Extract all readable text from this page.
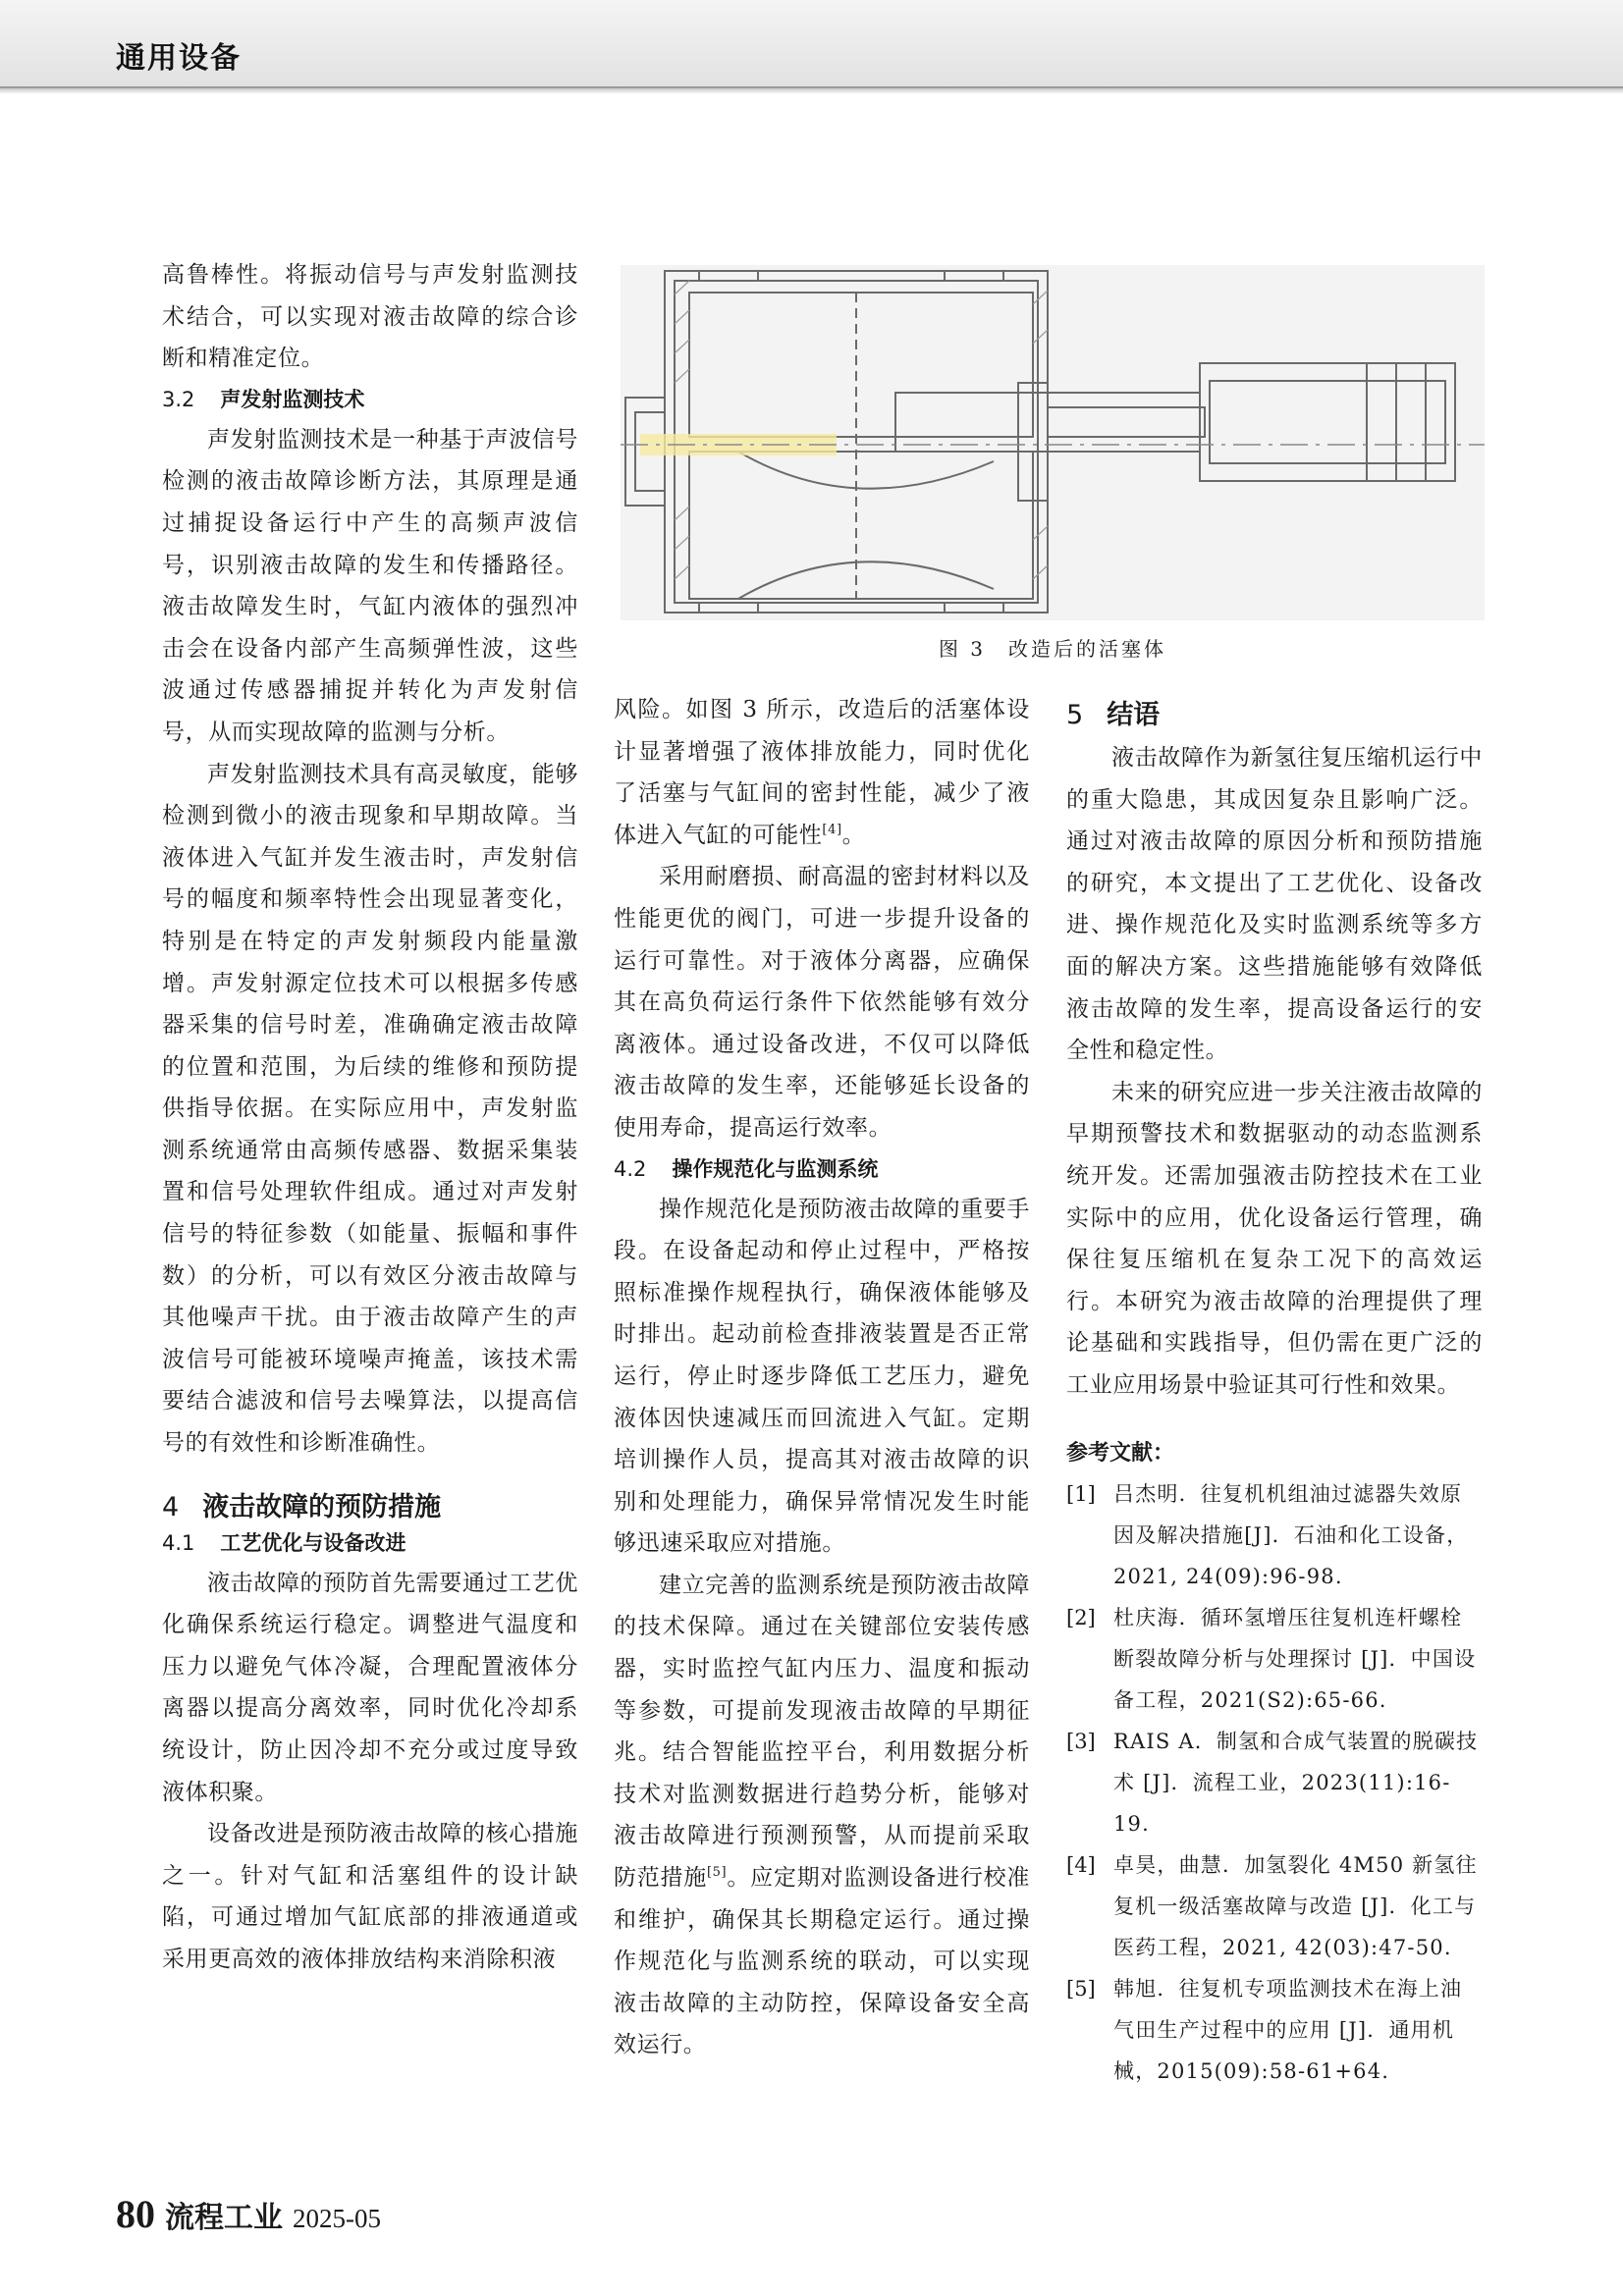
通用设备

高鲁棒性。将振动信号与声发射监测技术结合，可以实现对液击故障的综合诊断和精准定位。

3.2 声发射监测技术

声发射监测技术是一种基于声波信号检测的液击故障诊断方法，其原理是通过捕捉设备运行中产生的高频声波信号，识别液击故障的发生和传播路径。液击故障发生时，气缸内液体的强烈冲击会在设备内部产生高频弹性波，这些波通过传感器捕捉并转化为声发射信号，从而实现故障的监测与分析。

声发射监测技术具有高灵敏度，能够检测到微小的液击现象和早期故障。当液体进入气缸并发生液击时，声发射信号的幅度和频率特性会出现显著变化，特别是在特定的声发射频段内能量激增。声发射源定位技术可以根据多传感器采集的信号时差，准确确定液击故障的位置和范围，为后续的维修和预防提供指导依据。在实际应用中，声发射监测系统通常由高频传感器、数据采集装置和信号处理软件组成。通过对声发射信号的特征参数（如能量、振幅和事件数）的分析，可以有效区分液击故障与其他噪声干扰。由于液击故障产生的声波信号可能被环境噪声掩盖，该技术需要结合滤波和信号去噪算法，以提高信号的有效性和诊断准确性。

4 液击故障的预防措施
4.1 工艺优化与设备改进

液击故障的预防首先需要通过工艺优化确保系统运行稳定。调整进气温度和压力以避免气体冷凝，合理配置液体分离器以提高分离效率，同时优化冷却系统设计，防止因冷却不充分或过度导致液体积聚。

设备改进是预防液击故障的核心措施之一。针对气缸和活塞组件的设计缺陷，可通过增加气缸底部的排液通道或采用更高效的液体排放结构来消除积液

图 3　改造后的活塞体

风险。如图 3 所示，改造后的活塞体设计显著增强了液体排放能力，同时优化了活塞与气缸间的密封性能，减少了液体进入气缸的可能性[4]。

采用耐磨损、耐高温的密封材料以及性能更优的阀门，可进一步提升设备的运行可靠性。对于液体分离器，应确保其在高负荷运行条件下依然能够有效分离液体。通过设备改进，不仅可以降低液击故障的发生率，还能够延长设备的使用寿命，提高运行效率。

4.2 操作规范化与监测系统

操作规范化是预防液击故障的重要手段。在设备起动和停止过程中，严格按照标准操作规程执行，确保液体能够及时排出。起动前检查排液装置是否正常运行，停止时逐步降低工艺压力，避免液体因快速减压而回流进入气缸。定期培训操作人员，提高其对液击故障的识别和处理能力，确保异常情况发生时能够迅速采取应对措施。

建立完善的监测系统是预防液击故障的技术保障。通过在关键部位安装传感器，实时监控气缸内压力、温度和振动等参数，可提前发现液击故障的早期征兆。结合智能监控平台，利用数据分析技术对监测数据进行趋势分析，能够对液击故障进行预测预警，从而提前采取防范措施[5]。应定期对监测设备进行校准和维护，确保其长期稳定运行。通过操作规范化与监测系统的联动，可以实现液击故障的主动防控，保障设备安全高效运行。

5 结语

液击故障作为新氢往复压缩机运行中的重大隐患，其成因复杂且影响广泛。通过对液击故障的原因分析和预防措施的研究，本文提出了工艺优化、设备改进、操作规范化及实时监测系统等多方面的解决方案。这些措施能够有效降低液击故障的发生率，提高设备运行的安全性和稳定性。

未来的研究应进一步关注液击故障的早期预警技术和数据驱动的动态监测系统开发。还需加强液击防控技术在工业实际中的应用，优化设备运行管理，确保往复压缩机在复杂工况下的高效运行。本研究为液击故障的治理提供了理论基础和实践指导，但仍需在更广泛的工业应用场景中验证其可行性和效果。

参考文献：
[1] 吕杰明．往复机机组油过滤器失效原因及解决措施[J]．石油和化工设备，2021, 24(09):96-98.
[2] 杜庆海．循环氢增压往复机连杆螺栓断裂故障分析与处理探讨 [J]．中国设备工程，2021(S2):65-66.
[3] RAIS A．制氢和合成气装置的脱碳技术 [J]．流程工业，2023(11):16-19.
[4] 卓昊，曲慧．加氢裂化 4M50 新氢往复机一级活塞故障与改造 [J]．化工与医药工程，2021, 42(03):47-50.
[5] 韩旭．往复机专项监测技术在海上油气田生产过程中的应用 [J]．通用机械，2015(09):58-61+64.
80 流程工业 2025-05
